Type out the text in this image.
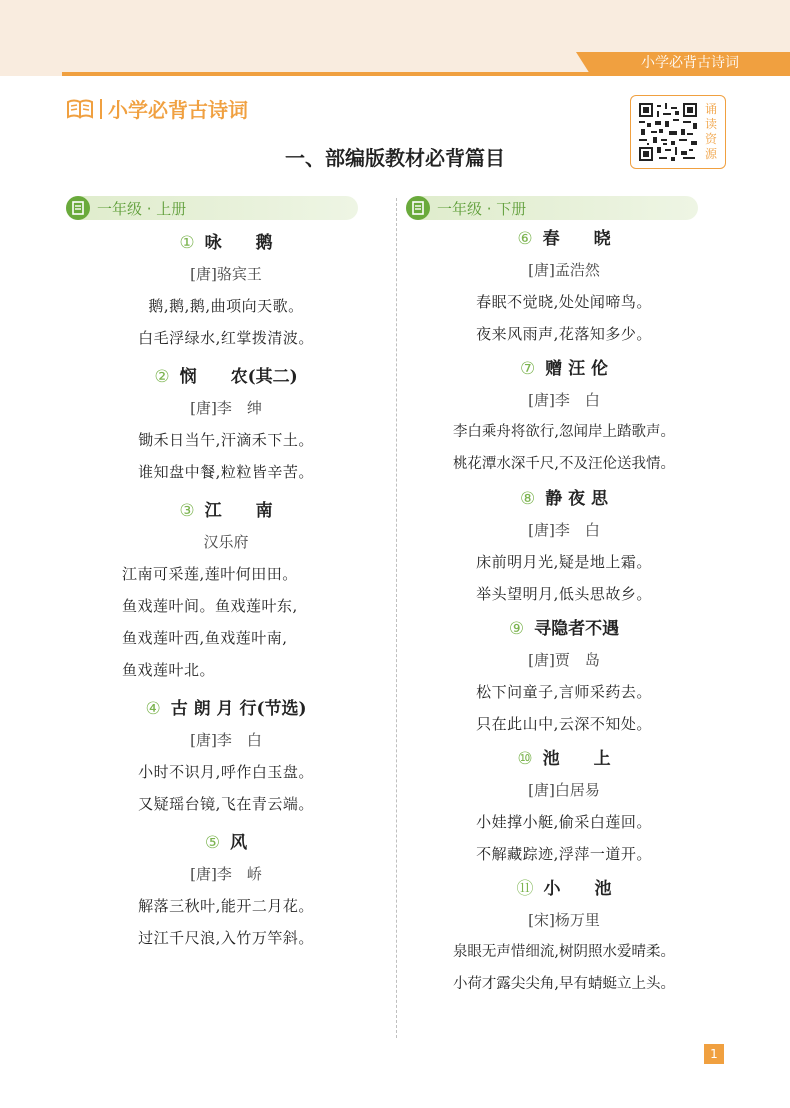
小学必背古诗词
小学必背古诗词
一、部编版教材必背篇目
诵
读
资
源
一年级 · 上册	一年级 · 下册
① 咏　　鹅
[唐]骆宾王
鹅,鹅,鹅,曲项向天歌。
白毛浮绿水,红掌拨清波。
② 悯　　农(其二)
[唐]李　绅
锄禾日当午,汗滴禾下土。
谁知盘中餐,粒粒皆辛苦。
③ 江　　南
汉乐府
江南可采莲,莲叶何田田。
鱼戏莲叶间。鱼戏莲叶东,
鱼戏莲叶西,鱼戏莲叶南,
鱼戏莲叶北。
④ 古 朗 月 行(节选)
[唐]李　白
小时不识月,呼作白玉盘。
又疑瑶台镜,飞在青云端。
⑤ 风
[唐]李　峤
解落三秋叶,能开二月花。
过江千尺浪,入竹万竿斜。
⑥ 春　　晓
[唐]孟浩然
春眠不觉晓,处处闻啼鸟。
夜来风雨声,花落知多少。
⑦ 赠 汪 伦
[唐]李　白
李白乘舟将欲行,忽闻岸上踏歌声。
桃花潭水深千尺,不及汪伦送我情。
⑧ 静 夜 思
[唐]李　白
床前明月光,疑是地上霜。
举头望明月,低头思故乡。
⑨ 寻隐者不遇
[唐]贾　岛
松下问童子,言师采药去。
只在此山中,云深不知处。
⑩ 池　　上
[唐]白居易
小娃撑小艇,偷采白莲回。
不解藏踪迹,浮萍一道开。
⑪ 小　　池
[宋]杨万里
泉眼无声惜细流,树阴照水爱晴柔。
小荷才露尖尖角,早有蜻蜓立上头。
1
